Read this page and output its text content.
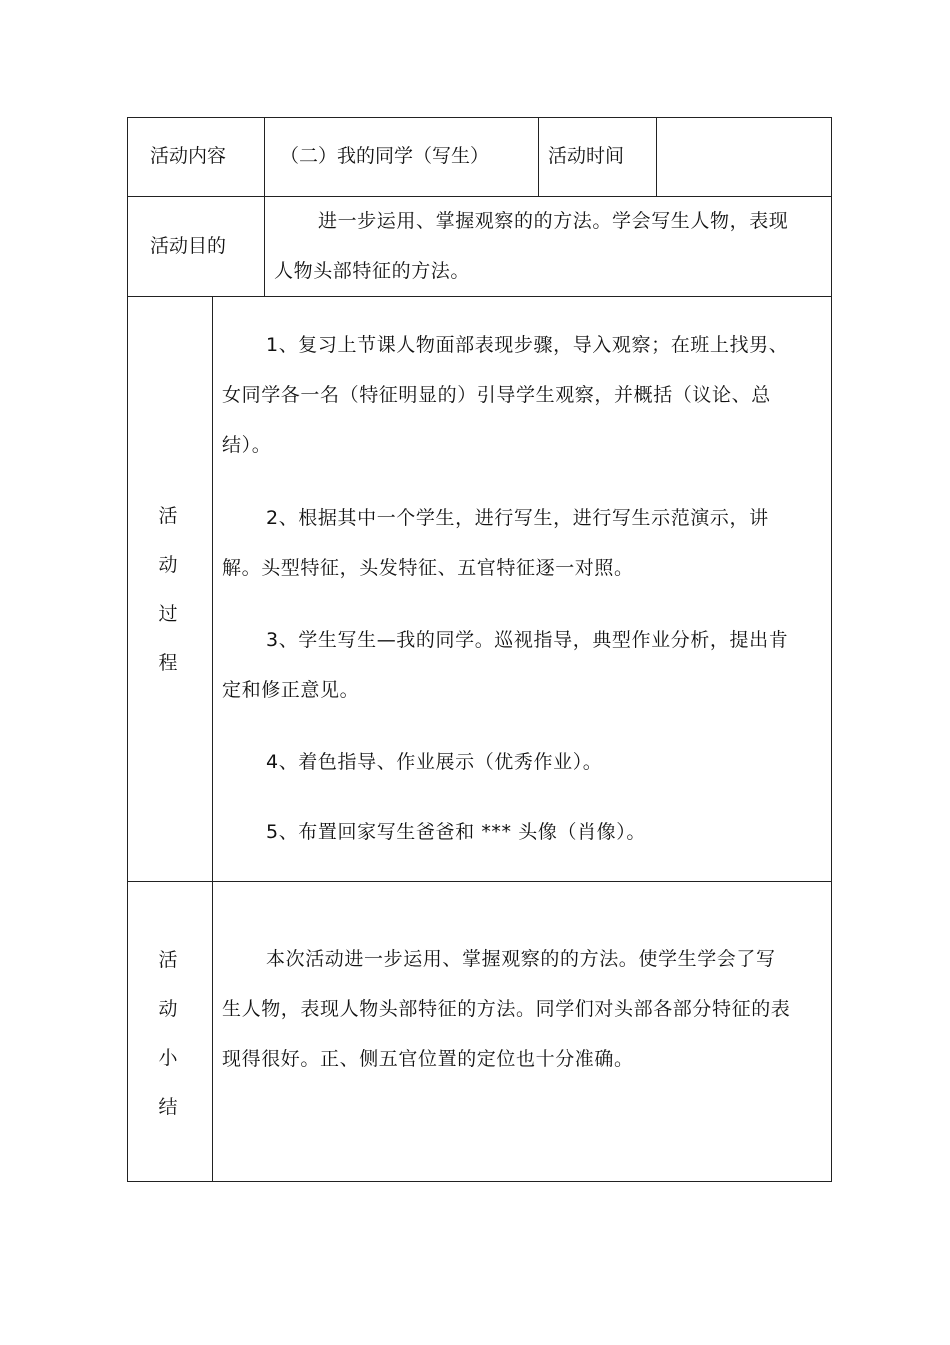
活动内容	（二）我的同学（写生）	活动时间
活动目的
进一步运用、掌握观察的的方法。学会写生人物，表现人物头部特征的方法。
活
动
过
程
1、复习上节课人物面部表现步骤，导入观察；在班上找男、女同学各一名（特征明显的）引导学生观察，并概括（议论、总结）。
2、根据其中一个学生，进行写生，进行写生示范演示，讲解。头型特征，头发特征、五官特征逐一对照。
3、学生写生—我的同学。巡视指导，典型作业分析，提出肯定和修正意见。
4、着色指导、作业展示（优秀作业）。
5、布置回家写生爸爸和 *** 头像（肖像）。
活
动
小
结
本次活动进一步运用、掌握观察的的方法。使学生学会了写生人物，表现人物头部特征的方法。同学们对头部各部分特征的表现得很好。正、侧五官位置的定位也十分准确。
